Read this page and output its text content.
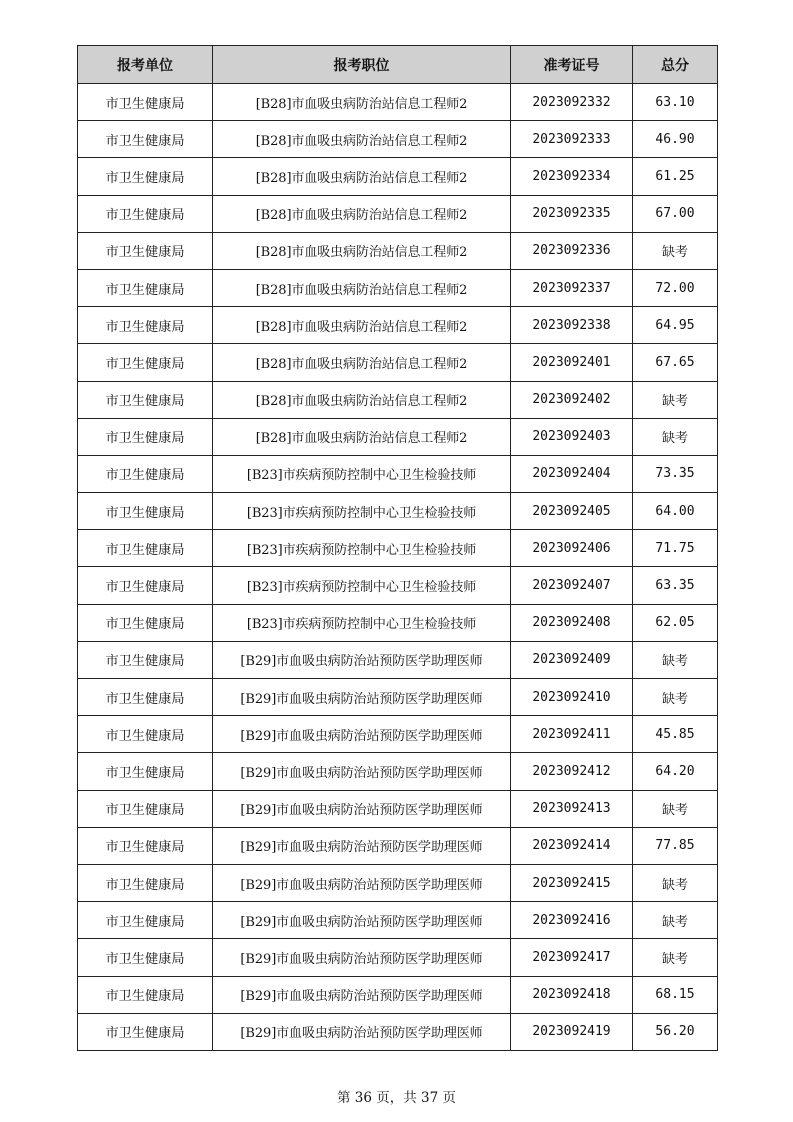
报考单位	报考职位	准考证号	总分
市卫生健康局	[B28]市血吸虫病防治站信息工程师2	2023092332	63.10
市卫生健康局	[B28]市血吸虫病防治站信息工程师2	2023092333	46.90
市卫生健康局	[B28]市血吸虫病防治站信息工程师2	2023092334	61.25
市卫生健康局	[B28]市血吸虫病防治站信息工程师2	2023092335	67.00
市卫生健康局	[B28]市血吸虫病防治站信息工程师2	2023092336	缺考
市卫生健康局	[B28]市血吸虫病防治站信息工程师2	2023092337	72.00
市卫生健康局	[B28]市血吸虫病防治站信息工程师2	2023092338	64.95
市卫生健康局	[B28]市血吸虫病防治站信息工程师2	2023092401	67.65
市卫生健康局	[B28]市血吸虫病防治站信息工程师2	2023092402	缺考
市卫生健康局	[B28]市血吸虫病防治站信息工程师2	2023092403	缺考
市卫生健康局	[B23]市疾病预防控制中心卫生检验技师	2023092404	73.35
市卫生健康局	[B23]市疾病预防控制中心卫生检验技师	2023092405	64.00
市卫生健康局	[B23]市疾病预防控制中心卫生检验技师	2023092406	71.75
市卫生健康局	[B23]市疾病预防控制中心卫生检验技师	2023092407	63.35
市卫生健康局	[B23]市疾病预防控制中心卫生检验技师	2023092408	62.05
市卫生健康局	[B29]市血吸虫病防治站预防医学助理医师	2023092409	缺考
市卫生健康局	[B29]市血吸虫病防治站预防医学助理医师	2023092410	缺考
市卫生健康局	[B29]市血吸虫病防治站预防医学助理医师	2023092411	45.85
市卫生健康局	[B29]市血吸虫病防治站预防医学助理医师	2023092412	64.20
市卫生健康局	[B29]市血吸虫病防治站预防医学助理医师	2023092413	缺考
市卫生健康局	[B29]市血吸虫病防治站预防医学助理医师	2023092414	77.85
市卫生健康局	[B29]市血吸虫病防治站预防医学助理医师	2023092415	缺考
市卫生健康局	[B29]市血吸虫病防治站预防医学助理医师	2023092416	缺考
市卫生健康局	[B29]市血吸虫病防治站预防医学助理医师	2023092417	缺考
市卫生健康局	[B29]市血吸虫病防治站预防医学助理医师	2023092418	68.15
市卫生健康局	[B29]市血吸虫病防治站预防医学助理医师	2023092419	56.20
第 36 页，共 37 页
